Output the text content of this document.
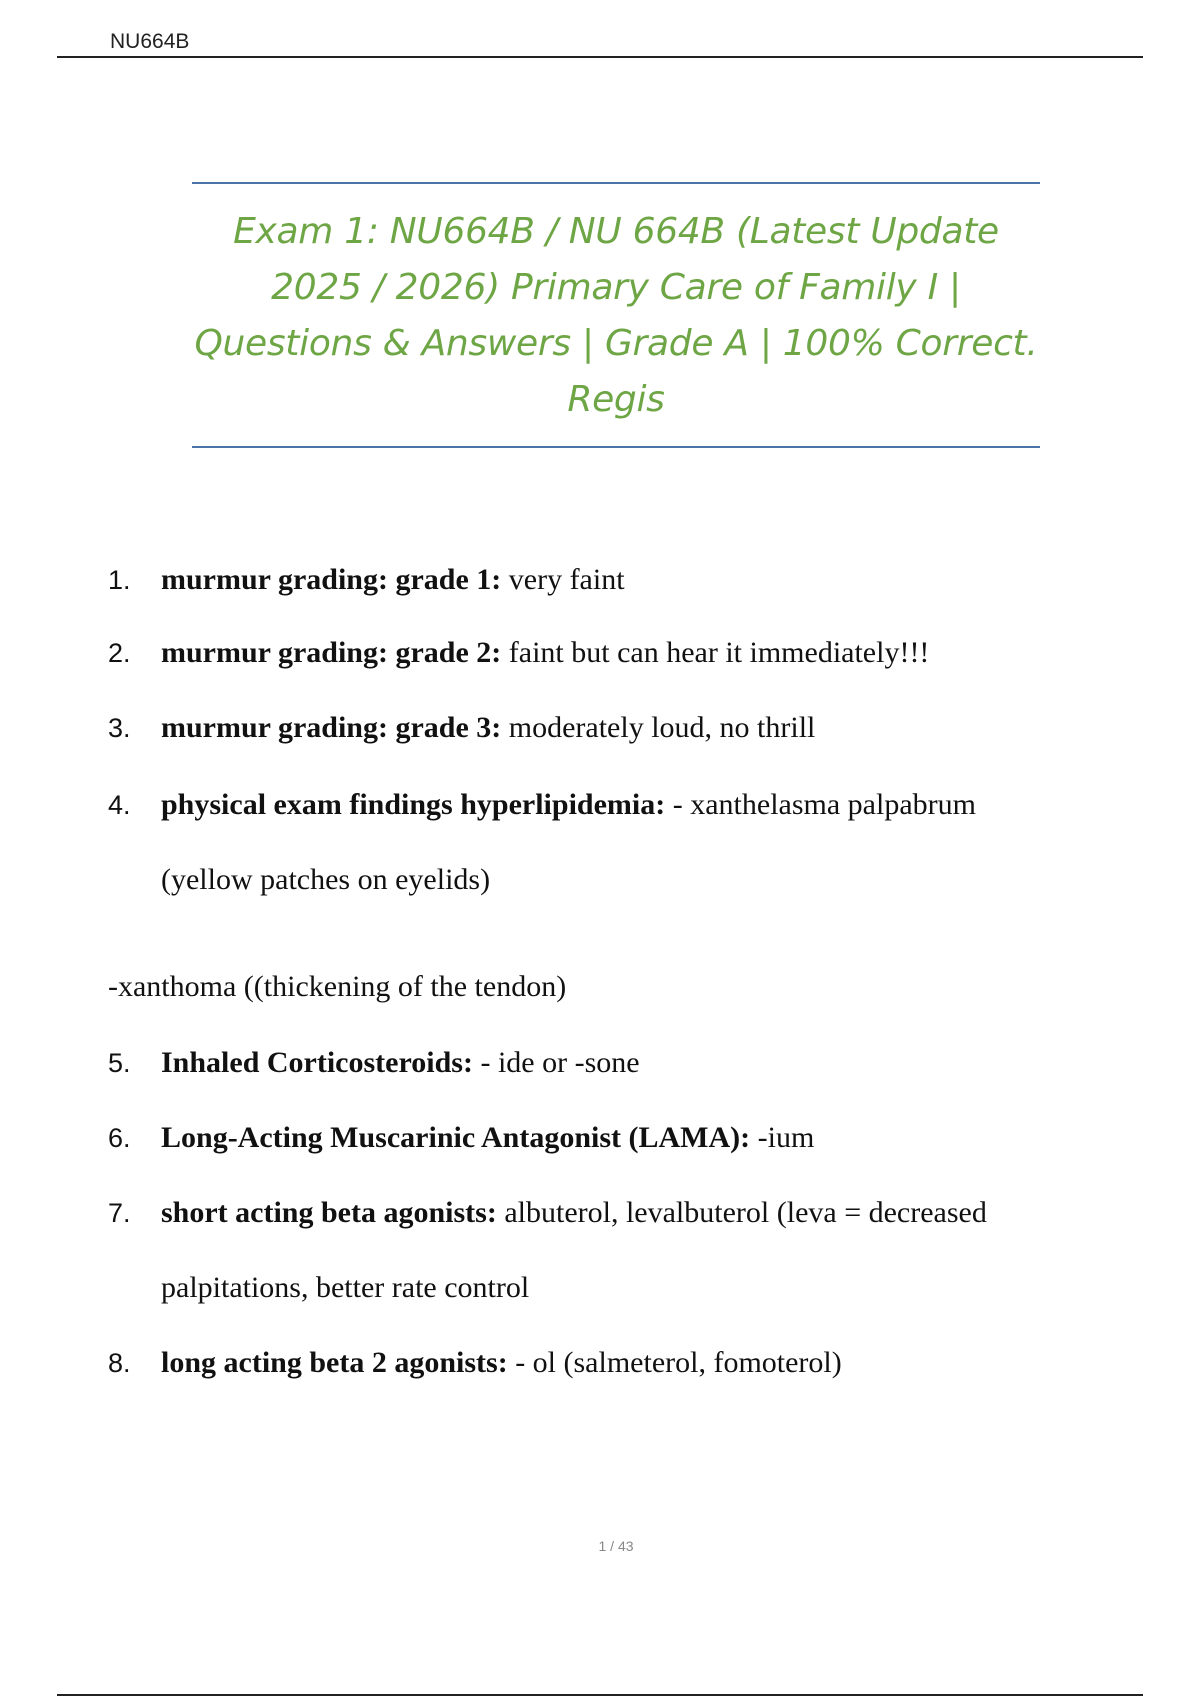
NU664B
Exam 1: NU664B / NU 664B (Latest Update 2025 / 2026) Primary Care of Family I | Questions & Answers | Grade A | 100% Correct. Regis
1. murmur grading: grade 1: very faint
2. murmur grading: grade 2: faint but can hear it immediately!!!
3. murmur grading: grade 3: moderately loud, no thrill
4. physical exam findings hyperlipidemia: - xanthelasma palpabrum
(yellow patches on eyelids)
-xanthoma ((thickening of the tendon)
5. Inhaled Corticosteroids: - ide or -sone
6. Long-Acting Muscarinic Antagonist (LAMA): -ium
7. short acting beta agonists: albuterol, levalbuterol (leva = decreased
palpitations, better rate control
8. long acting beta 2 agonists: - ol (salmeterol, fomoterol)
1 / 43
